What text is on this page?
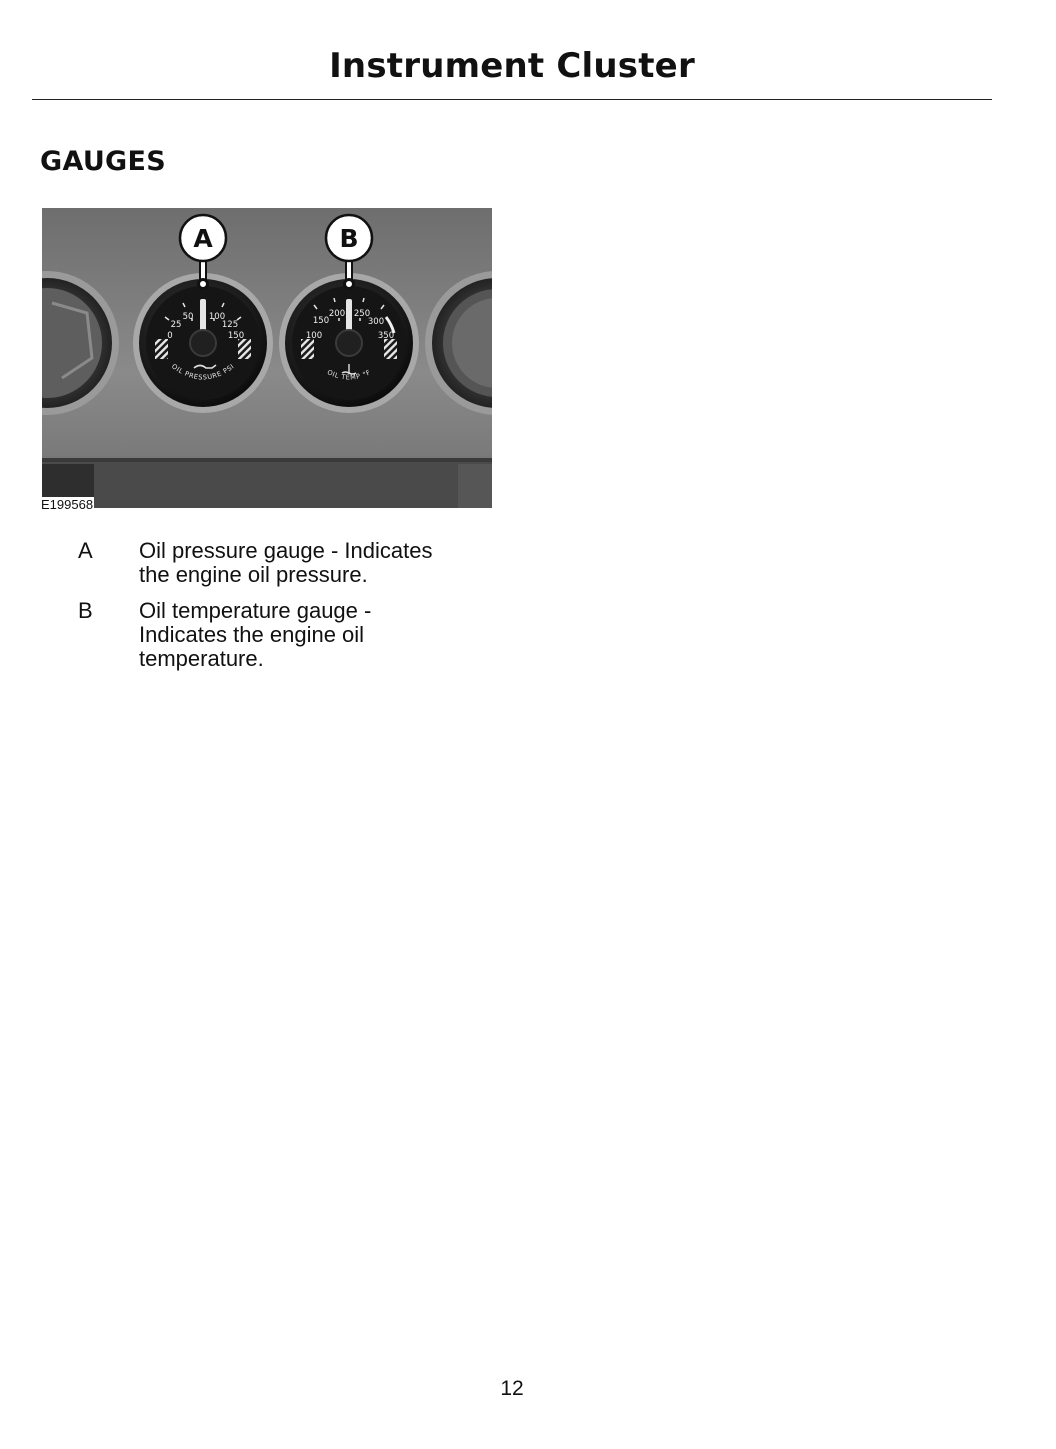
Instrument Cluster
GAUGES
0
25
50 100
125
150
OIL PRESSURE PSI
100
150
200 250
300
350
OIL TEMP °F
A	B
E199568
A	Oil pressure gauge - Indicates
the engine oil pressure.
B	Oil temperature gauge -
Indicates the engine oil
temperature.
12
